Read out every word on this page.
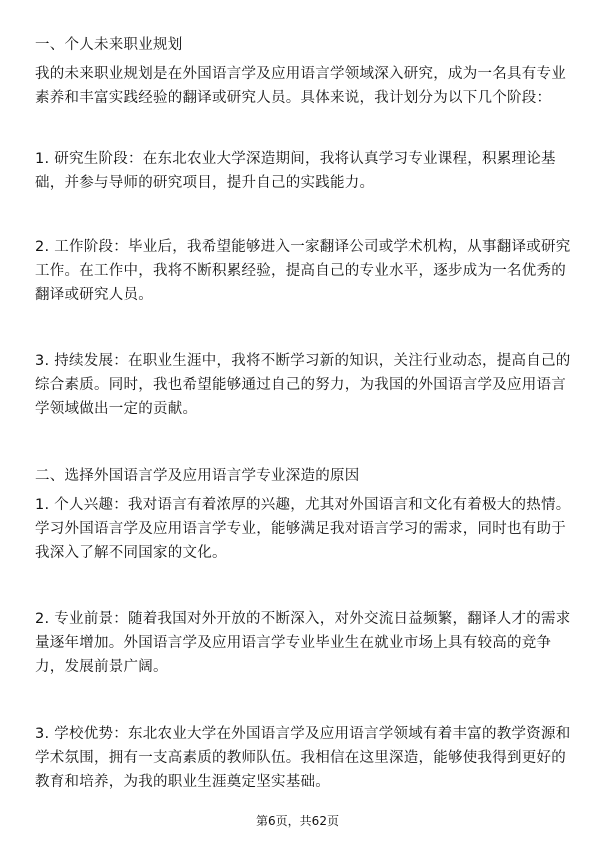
一、个人未来职业规划
我的未来职业规划是在外国语言学及应用语言学领域深入研究，成为一名具有专业
素养和丰富实践经验的翻译或研究人员。具体来说，我计划分为以下几个阶段：
1. 研究生阶段：在东北农业大学深造期间，我将认真学习专业课程，积累理论基
础，并参与导师的研究项目，提升自己的实践能力。
2. 工作阶段：毕业后，我希望能够进入一家翻译公司或学术机构，从事翻译或研究
工作。在工作中，我将不断积累经验，提高自己的专业水平，逐步成为一名优秀的
翻译或研究人员。
3. 持续发展：在职业生涯中，我将不断学习新的知识，关注行业动态，提高自己的
综合素质。同时，我也希望能够通过自己的努力，为我国的外国语言学及应用语言
学领域做出一定的贡献。
二、选择外国语言学及应用语言学专业深造的原因
1. 个人兴趣：我对语言有着浓厚的兴趣，尤其对外国语言和文化有着极大的热情。
学习外国语言学及应用语言学专业，能够满足我对语言学习的需求，同时也有助于
我深入了解不同国家的文化。
2. 专业前景：随着我国对外开放的不断深入，对外交流日益频繁，翻译人才的需求
量逐年增加。外国语言学及应用语言学专业毕业生在就业市场上具有较高的竞争
力，发展前景广阔。
3. 学校优势：东北农业大学在外国语言学及应用语言学领域有着丰富的教学资源和
学术氛围，拥有一支高素质的教师队伍。我相信在这里深造，能够使我得到更好的
教育和培养，为我的职业生涯奠定坚实基础。
第6页，共62页
